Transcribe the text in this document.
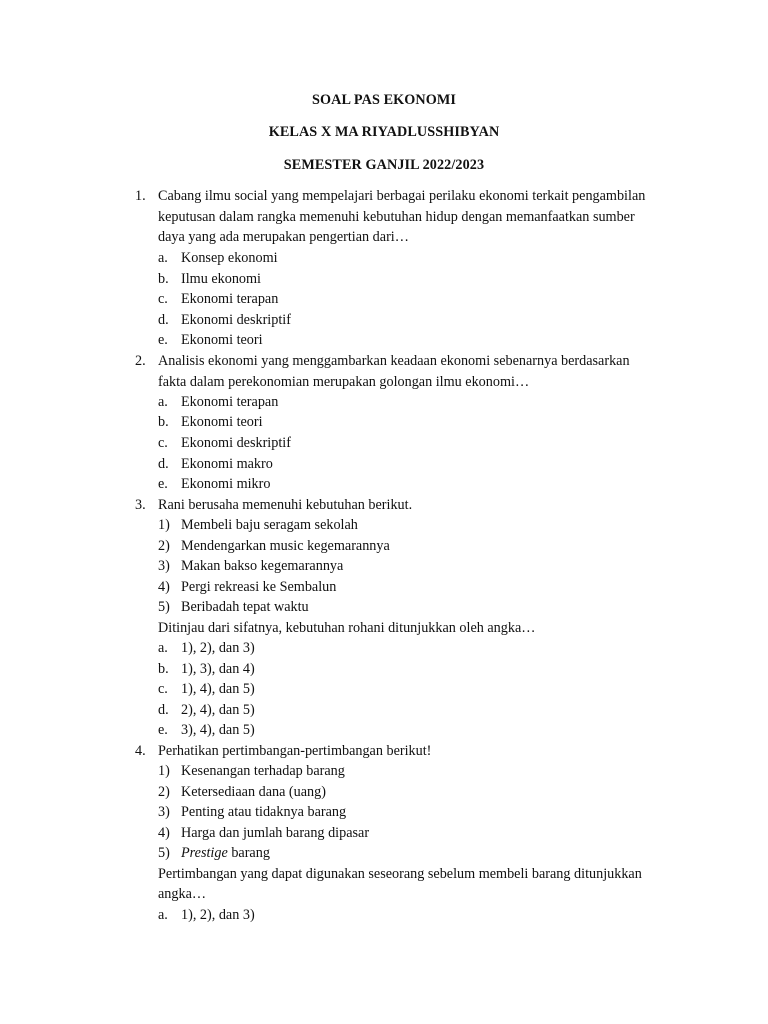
SOAL PAS EKONOMI
KELAS X MA RIYADLUSSHIBYAN
SEMESTER GANJIL 2022/2023
1. Cabang ilmu social yang mempelajari berbagai perilaku ekonomi terkait pengambilan
keputusan dalam rangka memenuhi kebutuhan hidup dengan memanfaatkan sumber
daya yang ada merupakan pengertian dari…
a. Konsep ekonomi
b. Ilmu ekonomi
c. Ekonomi terapan
d. Ekonomi deskriptif
e. Ekonomi teori
2. Analisis ekonomi yang menggambarkan keadaan ekonomi sebenarnya berdasarkan
fakta dalam perekonomian merupakan golongan ilmu ekonomi…
a. Ekonomi terapan
b. Ekonomi teori
c. Ekonomi deskriptif
d. Ekonomi makro
e. Ekonomi mikro
3. Rani berusaha memenuhi kebutuhan berikut.
1) Membeli baju seragam sekolah
2) Mendengarkan music kegemarannya
3) Makan bakso kegemarannya
4) Pergi rekreasi ke Sembalun
5) Beribadah tepat waktu
Ditinjau dari sifatnya, kebutuhan rohani ditunjukkan oleh angka…
a. 1), 2), dan 3)
b. 1), 3), dan 4)
c. 1), 4), dan 5)
d. 2), 4), dan 5)
e. 3), 4), dan 5)
4. Perhatikan pertimbangan-pertimbangan berikut!
1) Kesenangan terhadap barang
2) Ketersediaan dana (uang)
3) Penting atau tidaknya barang
4) Harga dan jumlah barang dipasar
5) Prestige barang
Pertimbangan yang dapat digunakan seseorang sebelum membeli barang ditunjukkan
angka…
a. 1), 2), dan 3)
